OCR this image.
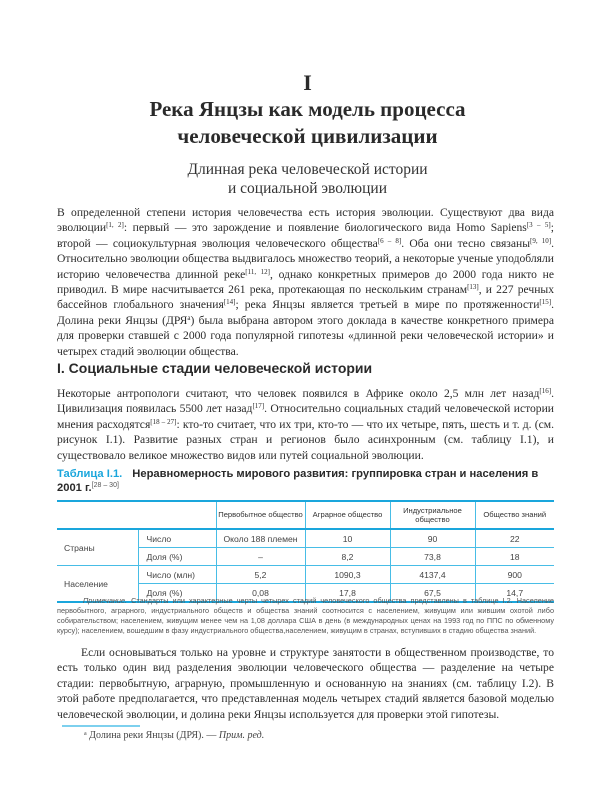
I
Река Янцзы как модель процесса
человеческой цивилизации
Длинная река человеческой истории
и социальной эволюции

В определенной степени история человечества есть история эволюции. Существуют два вида эволюции[1, 2]: первый — это зарождение и появление биологического вида Homo Sapiens[3 – 5]; второй — социокультурная эволюция человеческого общества[6 – 8]. Оба они тесно связаны[9, 10]. Относительно эволюции общества выдвигалось множество теорий, а некоторые ученые уподобляли историю человечества длинной реке[11, 12], однако конкретных примеров до 2000 года никто не приводил. В мире насчитывается 261 река, протекающая по нескольким странам[13], и 227 речных бассейнов глобального значения[14]; река Янцзы является третьей в мире по протяженности[15]. Долина реки Янцзы $(ДРЯ^а)$ была выбрана автором этого доклада в качестве конкретного примера для проверки ставшей с 2000 года популярной гипотезы «длинной реки человеческой истории» и четырех стадий эволюции общества.

I. Социальные стадии человеческой истории

Некоторые антропологи считают, что человек появился в Африке около 2,5 млн лет назад[16]. Цивилизация появилась 5500 лет назад[17]. Относительно социальных стадий человеческой истории мнения расходятся[18 – 27]: кто-то считает, что их три, кто-то — что их четыре, пять, шесть и т. д. (см. рисунок I.1). Развитие разных стран и регионов было асинхронным (см. таблицу I.1), и существовало великое множество видов или путей социальной эволюции.

Таблица I.1. Неравномерность мирового развития: группировка стран и населения в 2001 г.[28 – 30]
		Первобытное общество	Аграрное общество	Индустриальное общество	Общество знаний
Страны	Число	Около 188 племен	10	90	22
	Доля (%)	–	8,2	73,8	18
Население	Число (млн)	5,2	1090,3	4137,4	900
	Доля (%)	0,08	17,8	67,5	14,7

Примечание. Стандарты или характерные черты четырех стадий человеческого общества представлены в таблице I.2. Население первобытного, аграрного, индустриального обществ и общества знаний соотносится с населением, живущим или жившим охотой либо собирательством; населением, живущим менее чем на 1,08 доллара США в день (в международных ценах на 1993 год по ППС по обменному курсу); населением, вошедшим в фазу индустриального общества,населением, живущим в странах, вступивших в стадию общества знаний.

Если основываться только на уровне и структуре занятости в общественном производстве, то есть только один вид разделения эволюции человеческого общества — разделение на четыре стадии: первобытную, аграрную, промышленную и основанную на знаниях (см. таблицу I.2). В этой работе предполагается, что представленная модель четырех стадий является базовой моделью человеческой эволюции, и долина реки Янцзы используется для проверки этой гипотезы.

$^а$ Долина реки Янцзы (ДРЯ). — Прим. ред.
